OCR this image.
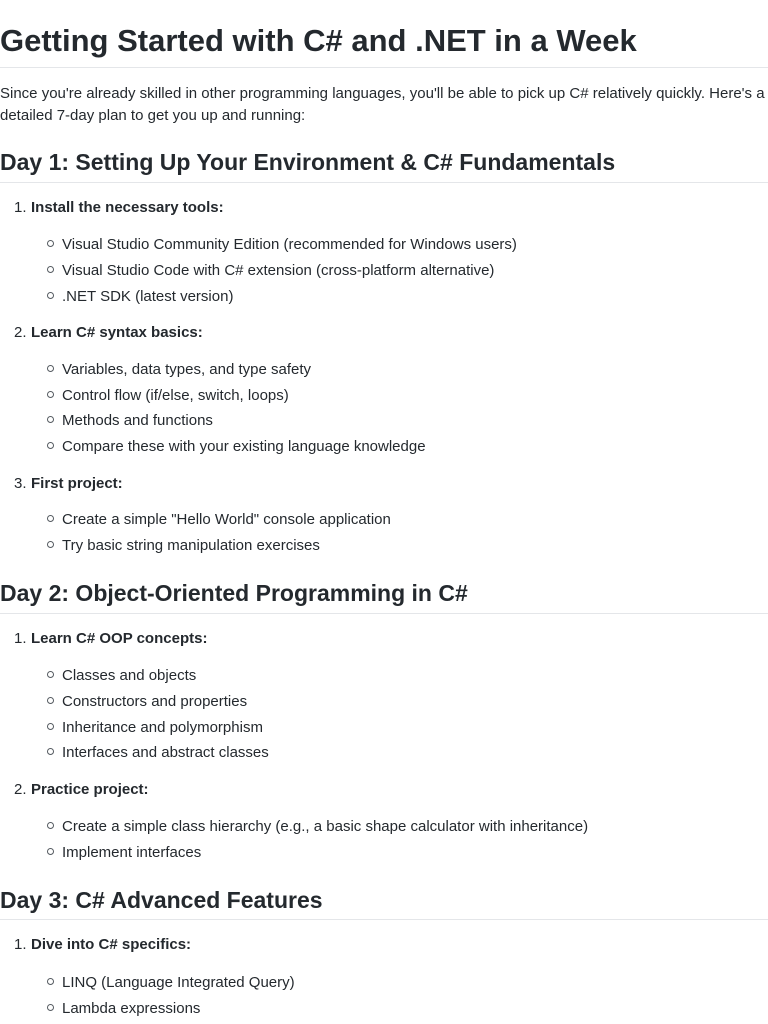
Getting Started with C# and .NET in a Week

Since you're already skilled in other programming languages, you'll be able to pick up C# relatively quickly. Here's a detailed 7-day plan to get you up and running:

Day 1: Setting Up Your Environment & C# Fundamentals
1. Install the necessary tools:
Visual Studio Community Edition (recommended for Windows users)
Visual Studio Code with C# extension (cross-platform alternative)
.NET SDK (latest version)
2. Learn C# syntax basics:
Variables, data types, and type safety
Control flow (if/else, switch, loops)
Methods and functions
Compare these with your existing language knowledge
3. First project:
Create a simple "Hello World" console application
Try basic string manipulation exercises
Day 2: Object-Oriented Programming in C#
1. Learn C# OOP concepts:
Classes and objects
Constructors and properties
Inheritance and polymorphism
Interfaces and abstract classes
2. Practice project:
Create a simple class hierarchy (e.g., a basic shape calculator with inheritance)
Implement interfaces
Day 3: C# Advanced Features
1. Dive into C# specifics:
LINQ (Language Integrated Query)
Lambda expressions
